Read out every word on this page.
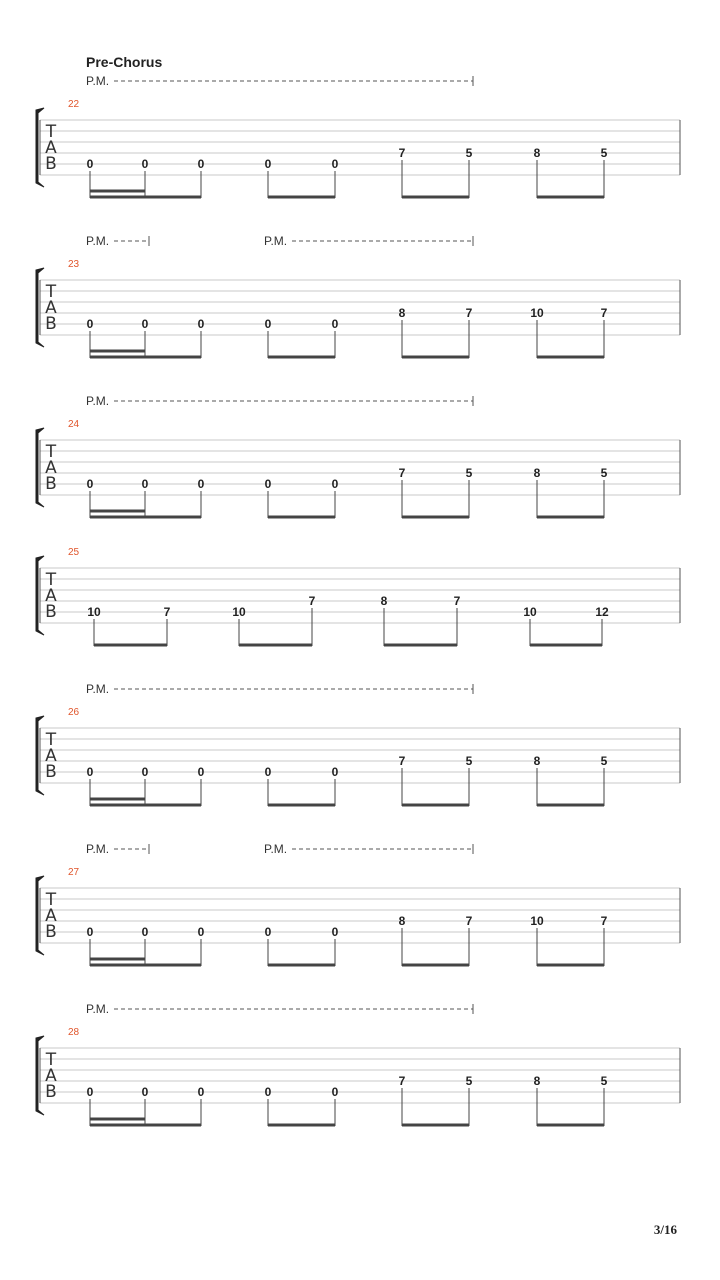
Pre-Chorus
P.M.
22
T
A
B 0	0	0	0	0
7	5	8	5
P.M.	P.M.
23
T
A
B 0	0	0	0	0
8	7	10	7
P.M.
24
T
A
B 0	0	0	0	0
7	5	8	5
25
T
A
B	10	7	10
7	8	7
10	12
P.M.
26
T
A
B 0	0	0	0	0
7	5	8	5
P.M.	P.M.
27
T
A
B 0	0	0	0	0
8	7	10	7
P.M.
28
T
A
B 0	0	0	0	0
7	5	8	5
3/16
